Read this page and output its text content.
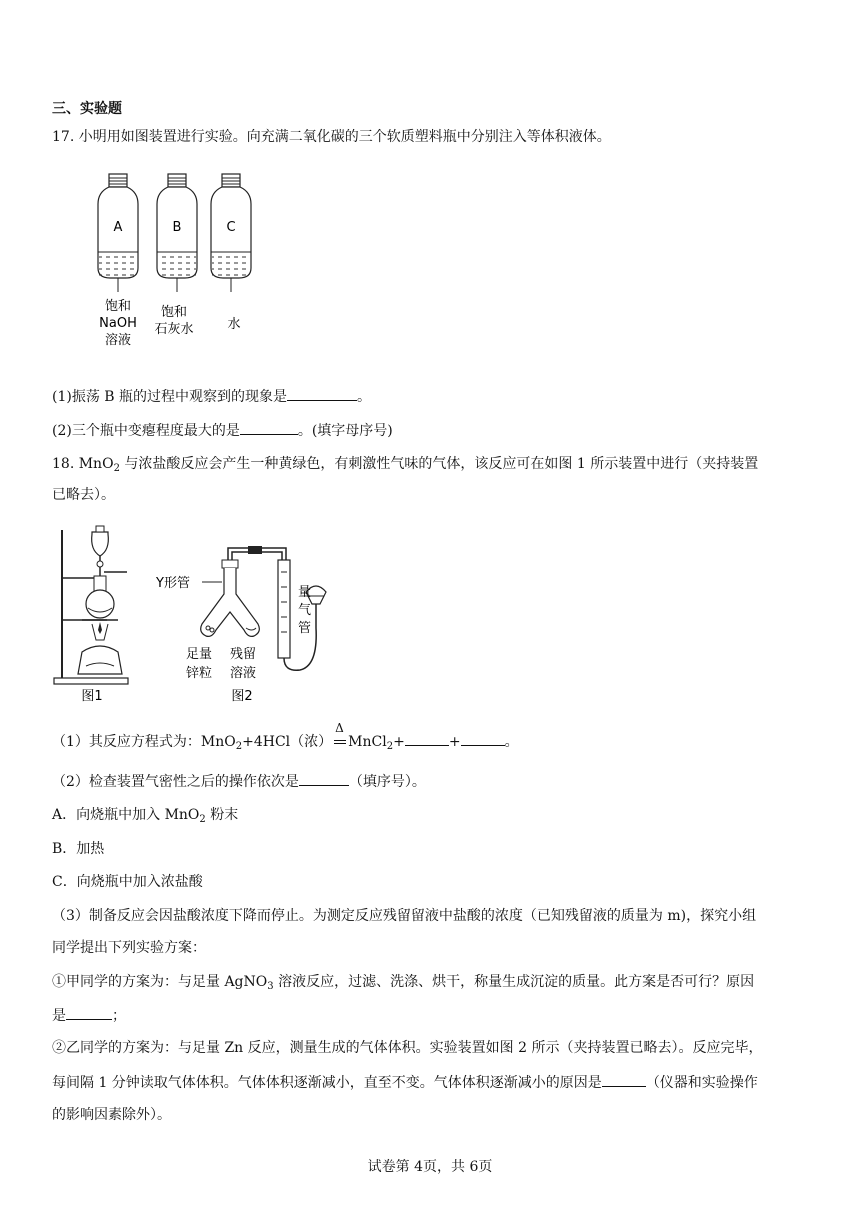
三、实验题
17. 小明用如图装置进行实验。向充满二氧化碳的三个软质塑料瓶中分别注入等体积液体。
A	B	C
饱和
NaOH
溶液
饱和
石灰水	水
(1)振荡 B 瓶的过程中观察到的现象是	。
(2)三个瓶中变瘪程度最大的是	。(填字母序号)
18. MnO$_2$ 与浓盐酸反应会产生一种黄绿色，有刺激性气味的气体，该反应可在如图 1 所示装置中进行（夹持装置
已略去）。
图1
Y形管
量
气
管
足量
锌粒
残留
溶液
图2
（1）其反应方程式为：MnO$_2$+4HCl（浓）
Δ
MnCl$_2$+	+	。
（2）检查装置气密性之后的操作依次是	（填序号）。
A．向烧瓶中加入 MnO$_2$ 粉末
B．加热
C．向烧瓶中加入浓盐酸
（3）制备反应会因盐酸浓度下降而停止。为测定反应残留留液中盐酸的浓度（已知残留液的质量为 m)，探究小组
同学提出下列实验方案：
①甲同学的方案为：与足量 AgNO$_3$ 溶液反应，过滤、洗涤、烘干，称量生成沉淀的质量。此方案是否可行？原因
是	；
②乙同学的方案为：与足量 Zn 反应，测量生成的气体体积。实验装置如图 2 所示（夹持装置已略去）。反应完毕，
每间隔 1 分钟读取气体体积。气体体积逐渐减小，直至不变。气体体积逐渐减小的原因是	（仪器和实验操作
的影响因素除外）。
试卷第 4页，共 6页
